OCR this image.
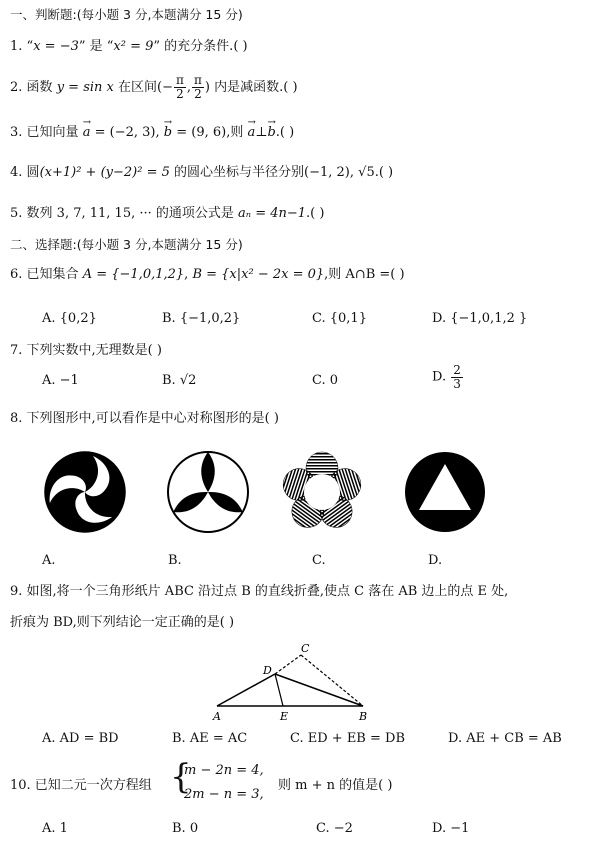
一、判断题:(每小题 3 分,本题满分 15 分)
1. “x = −3” 是 “x² = 9” 的充分条件.( )
2. 函数 y = sin x 在区间(− $\frac{\pi}{2}$ , $\frac{\pi}{2}$ ) 内是减函数.( )
3. 已知向量 → a = (−2, 3), → b = (9, 6),则 → a⊥→ b.( )
4. 圆(x+1)² + (y−2)² = 5 的圆心坐标与半径分别(−1, 2), √5.( )
5. 数列 3, 7, 11, 15, ··· 的通项公式是 aₙ = 4n−1.( )
二、选择题:(每小题 3 分,本题满分 15 分)
6. 已知集合 A = {−1,0,1,2}, B = {x|x² − 2x = 0},则 A∩B =( )
A. {0,2}	B. {−1,0,2}	C. {0,1}	D. {−1,0,1,2 }
7. 下列实数中,无理数是( )
A. −1	B. √2	C. 0	D. $\frac{2}{3}$
8. 下列图形中,可以看作是中心对称图形的是( )
A.	B.	C.	D.
9. 如图,将一个三角形纸片 ABC 沿过点 B 的直线折叠,使点 C 落在 AB 边上的点 E 处,
折痕为 BD,则下列结论一定正确的是( )
A	B
C
D
E
A. AD = BD	B. AE = AC	C. ED + EB = DB	D. AE + CB = AB
10. 已知二元一次方程组 {
m − 2n = 4,
2m − n = 3,
则 m + n 的值是( )
A. 1	B. 0	C. −2	D. −1
